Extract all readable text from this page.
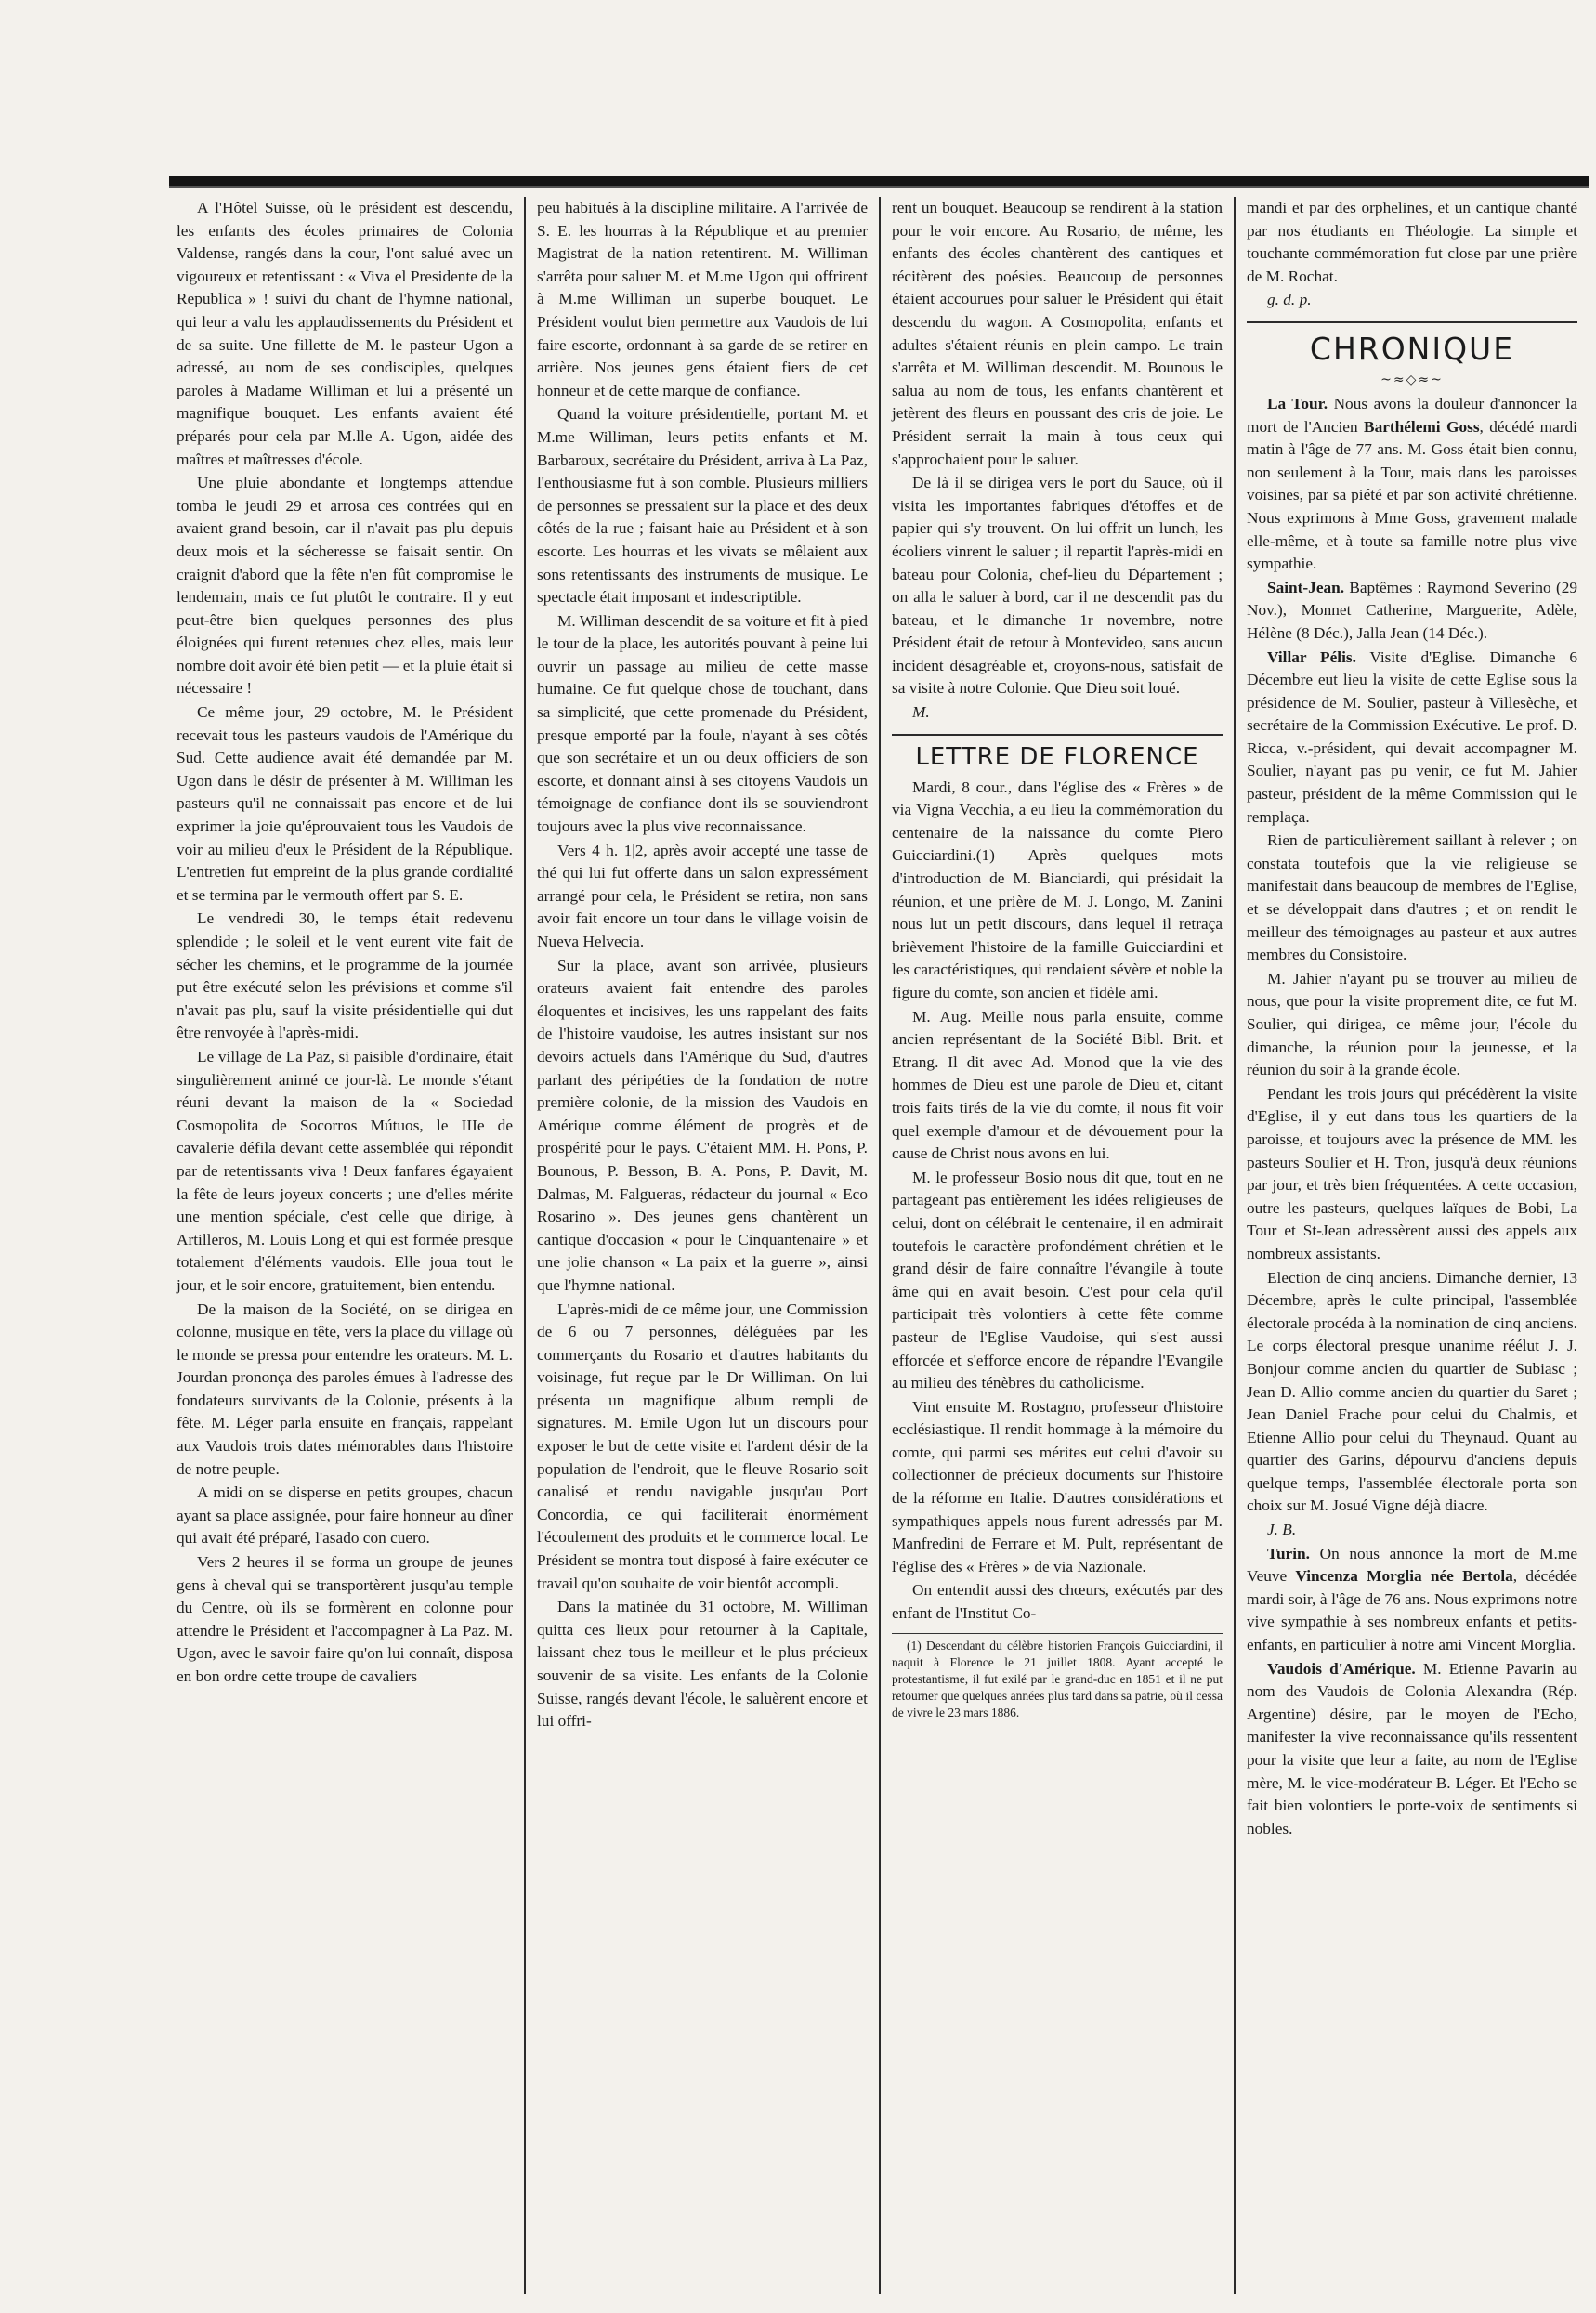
A l'Hôtel Suisse, où le président est descendu, les enfants des écoles primaires de Colonia Valdense, rangés dans la cour, l'ont salué avec un vigoureux et retentissant : « Viva el Presidente de la Republica » ! suivi du chant de l'hymne national, qui leur a valu les applaudissements du Président et de sa suite. Une fillette de M. le pasteur Ugon a adressé, au nom de ses condisciples, quelques paroles à Madame Williman et lui a présenté un magnifique bouquet. Les enfants avaient été préparés pour cela par M.lle A. Ugon, aidée des maîtres et maîtresses d'école.

Une pluie abondante et longtemps attendue tomba le jeudi 29 et arrosa ces contrées qui en avaient grand besoin, car il n'avait pas plu depuis deux mois et la sécheresse se faisait sentir. On craignit d'abord que la fête n'en fût compromise le lendemain, mais ce fut plutôt le contraire. Il y eut peut-être bien quelques personnes des plus éloignées qui furent retenues chez elles, mais leur nombre doit avoir été bien petit — et la pluie était si nécessaire !

Ce même jour, 29 octobre, M. le Président recevait tous les pasteurs vaudois de l'Amérique du Sud. Cette audience avait été demandée par M. Ugon dans le désir de présenter à M. Williman les pasteurs qu'il ne connaissait pas encore et de lui exprimer la joie qu'éprouvaient tous les Vaudois de voir au milieu d'eux le Président de la République. L'entretien fut empreint de la plus grande cordialité et se termina par le vermouth offert par S. E.

Le vendredi 30, le temps était redevenu splendide ; le soleil et le vent eurent vite fait de sécher les chemins, et le programme de la journée put être exécuté selon les prévisions et comme s'il n'avait pas plu, sauf la visite présidentielle qui dut être renvoyée à l'après-midi.

Le village de La Paz, si paisible d'ordinaire, était singulièrement animé ce jour-là. Le monde s'étant réuni devant la maison de la « Sociedad Cosmopolita de Socorros Mútuos, le IIIe de cavalerie défila devant cette assemblée qui répondit par de retentissants viva ! Deux fanfares égayaient la fête de leurs joyeux concerts ; une d'elles mérite une mention spéciale, c'est celle que dirige, à Artilleros, M. Louis Long et qui est formée presque totalement d'éléments vaudois. Elle joua tout le jour, et le soir encore, gratuitement, bien entendu.

De la maison de la Société, on se dirigea en colonne, musique en tête, vers la place du village où le monde se pressa pour entendre les orateurs. M. L. Jourdan prononça des paroles émues à l'adresse des fondateurs survivants de la Colonie, présents à la fête. M. Léger parla ensuite en français, rappelant aux Vaudois trois dates mémorables dans l'histoire de notre peuple.

A midi on se disperse en petits groupes, chacun ayant sa place assignée, pour faire honneur au dîner qui avait été préparé, l'asado con cuero.

Vers 2 heures il se forma un groupe de jeunes gens à cheval qui se transportèrent jusqu'au temple du Centre, où ils se formèrent en colonne pour attendre le Président et l'accompagner à La Paz. M. Ugon, avec le savoir faire qu'on lui connaît, disposa en bon ordre cette troupe de cavaliers

peu habitués à la discipline militaire. A l'arrivée de S. E. les hourras à la République et au premier Magistrat de la nation retentirent. M. Williman s'arrêta pour saluer M. et M.me Ugon qui offrirent à M.me Williman un superbe bouquet. Le Président voulut bien permettre aux Vaudois de lui faire escorte, ordonnant à sa garde de se retirer en arrière. Nos jeunes gens étaient fiers de cet honneur et de cette marque de confiance.

Quand la voiture présidentielle, portant M. et M.me Williman, leurs petits enfants et M. Barbaroux, secrétaire du Président, arriva à La Paz, l'enthousiasme fut à son comble. Plusieurs milliers de personnes se pressaient sur la place et des deux côtés de la rue ; faisant haie au Président et à son escorte. Les hourras et les vivats se mêlaient aux sons retentissants des instruments de musique. Le spectacle était imposant et indescriptible.

M. Williman descendit de sa voiture et fit à pied le tour de la place, les autorités pouvant à peine lui ouvrir un passage au milieu de cette masse humaine. Ce fut quelque chose de touchant, dans sa simplicité, que cette promenade du Président, presque emporté par la foule, n'ayant à ses côtés que son secrétaire et un ou deux officiers de son escorte, et donnant ainsi à ses citoyens Vaudois un témoignage de confiance dont ils se souviendront toujours avec la plus vive reconnaissance.

Vers 4 h. 1|2, après avoir accepté une tasse de thé qui lui fut offerte dans un salon expressément arrangé pour cela, le Président se retira, non sans avoir fait encore un tour dans le village voisin de Nueva Helvecia.

Sur la place, avant son arrivée, plusieurs orateurs avaient fait entendre des paroles éloquentes et incisives, les uns rappelant des faits de l'histoire vaudoise, les autres insistant sur nos devoirs actuels dans l'Amérique du Sud, d'autres parlant des péripéties de la fondation de notre première colonie, de la mission des Vaudois en Amérique comme élément de progrès et de prospérité pour le pays. C'étaient MM. H. Pons, P. Bounous, P. Besson, B. A. Pons, P. Davit, M. Dalmas, M. Falgueras, rédacteur du journal « Eco Rosarino ». Des jeunes gens chantèrent un cantique d'occasion « pour le Cinquantenaire » et une jolie chanson « La paix et la guerre », ainsi que l'hymne national.

L'après-midi de ce même jour, une Commission de 6 ou 7 personnes, déléguées par les commerçants du Rosario et d'autres habitants du voisinage, fut reçue par le Dr Williman. On lui présenta un magnifique album rempli de signatures. M. Emile Ugon lut un discours pour exposer le but de cette visite et l'ardent désir de la population de l'endroit, que le fleuve Rosario soit canalisé et rendu navigable jusqu'au Port Concordia, ce qui faciliterait énormément l'écoulement des produits et le commerce local. Le Président se montra tout disposé à faire exécuter ce travail qu'on souhaite de voir bientôt accompli.

Dans la matinée du 31 octobre, M. Williman quitta ces lieux pour retourner à la Capitale, laissant chez tous le meilleur et le plus précieux souvenir de sa visite. Les enfants de la Colonie Suisse, rangés devant l'école, le saluèrent encore et lui offri-

rent un bouquet. Beaucoup se rendirent à la station pour le voir encore. Au Rosario, de même, les enfants des écoles chantèrent des cantiques et récitèrent des poésies. Beaucoup de personnes étaient accourues pour saluer le Président qui était descendu du wagon. A Cosmopolita, enfants et adultes s'étaient réunis en plein campo. Le train s'arrêta et M. Williman descendit. M. Bounous le salua au nom de tous, les enfants chantèrent et jetèrent des fleurs en poussant des cris de joie. Le Président serrait la main à tous ceux qui s'approchaient pour le saluer.

De là il se dirigea vers le port du Sauce, où il visita les importantes fabriques d'étoffes et de papier qui s'y trouvent. On lui offrit un lunch, les écoliers vinrent le saluer ; il repartit l'après-midi en bateau pour Colonia, chef-lieu du Département ; on alla le saluer à bord, car il ne descendit pas du bateau, et le dimanche 1r novembre, notre Président était de retour à Montevideo, sans aucun incident désagréable et, croyons-nous, satisfait de sa visite à notre Colonie. Que Dieu soit loué.

M.

LETTRE DE FLORENCE

Mardi, 8 cour., dans l'église des « Frères » de via Vigna Vecchia, a eu lieu la commémoration du centenaire de la naissance du comte Piero Guicciardini.(1) Après quelques mots d'introduction de M. Bianciardi, qui présidait la réunion, et une prière de M. J. Longo, M. Zanini nous lut un petit discours, dans lequel il retraça brièvement l'histoire de la famille Guicciardini et les caractéristiques, qui rendaient sévère et noble la figure du comte, son ancien et fidèle ami.

M. Aug. Meille nous parla ensuite, comme ancien représentant de la Société Bibl. Brit. et Etrang. Il dit avec Ad. Monod que la vie des hommes de Dieu est une parole de Dieu et, citant trois faits tirés de la vie du comte, il nous fit voir quel exemple d'amour et de dévouement pour la cause de Christ nous avons en lui.

M. le professeur Bosio nous dit que, tout en ne partageant pas entièrement les idées religieuses de celui, dont on célébrait le centenaire, il en admirait toutefois le caractère profondément chrétien et le grand désir de faire connaître l'évangile à toute âme qui en avait besoin. C'est pour cela qu'il participait très volontiers à cette fête comme pasteur de l'Eglise Vaudoise, qui s'est aussi efforcée et s'efforce encore de répandre l'Evangile au milieu des ténèbres du catholicisme.

Vint ensuite M. Rostagno, professeur d'histoire ecclésiastique. Il rendit hommage à la mémoire du comte, qui parmi ses mérites eut celui d'avoir su collectionner de précieux documents sur l'histoire de la réforme en Italie. D'autres considérations et sympathiques appels nous furent adressés par M. Manfredini de Ferrare et M. Pult, représentant de l'église des « Frères » de via Nazionale.

On entendit aussi des chœurs, exécutés par des enfant de l'Institut Co-

(1) Descendant du célèbre historien François Guicciardini, il naquit à Florence le 21 juillet 1808. Ayant accepté le protestantisme, il fut exilé par le grand-duc en 1851 et il ne put retourner que quelques années plus tard dans sa patrie, où il cessa de vivre le 23 mars 1886.

mandi et par des orphelines, et un cantique chanté par nos étudiants en Théologie. La simple et touchante commémoration fut close par une prière de M. Rochat.

g. d. p.

CHRONIQUE
~≈◇≈~

La Tour. Nous avons la douleur d'annoncer la mort de l'Ancien Barthélemi Goss, décédé mardi matin à l'âge de 77 ans. M. Goss était bien connu, non seulement à la Tour, mais dans les paroisses voisines, par sa piété et par son activité chrétienne. Nous exprimons à Mme Goss, gravement malade elle-même, et à toute sa famille notre plus vive sympathie.

Saint-Jean. Baptêmes : Raymond Severino (29 Nov.), Monnet Catherine, Marguerite, Adèle, Hélène (8 Déc.), Jalla Jean (14 Déc.).

Villar Pélis. Visite d'Eglise. Dimanche 6 Décembre eut lieu la visite de cette Eglise sous la présidence de M. Soulier, pasteur à Villesèche, et secrétaire de la Commission Exécutive. Le prof. D. Ricca, v.-président, qui devait accompagner M. Soulier, n'ayant pas pu venir, ce fut M. Jahier pasteur, président de la même Commission qui le remplaça.

Rien de particulièrement saillant à relever ; on constata toutefois que la vie religieuse se manifestait dans beaucoup de membres de l'Eglise, et se développait dans d'autres ; et on rendit le meilleur des témoignages au pasteur et aux autres membres du Consistoire.

M. Jahier n'ayant pu se trouver au milieu de nous, que pour la visite proprement dite, ce fut M. Soulier, qui dirigea, ce même jour, l'école du dimanche, la réunion pour la jeunesse, et la réunion du soir à la grande école.

Pendant les trois jours qui précédèrent la visite d'Eglise, il y eut dans tous les quartiers de la paroisse, et toujours avec la présence de MM. les pasteurs Soulier et H. Tron, jusqu'à deux réunions par jour, et très bien fréquentées. A cette occasion, outre les pasteurs, quelques laïques de Bobi, La Tour et St-Jean adressèrent aussi des appels aux nombreux assistants.

Election de cinq anciens. Dimanche dernier, 13 Décembre, après le culte principal, l'assemblée électorale procéda à la nomination de cinq anciens. Le corps électoral presque unanime réélut J. J. Bonjour comme ancien du quartier de Subiasc ; Jean D. Allio comme ancien du quartier du Saret ; Jean Daniel Frache pour celui du Chalmis, et Etienne Allio pour celui du Theynaud. Quant au quartier des Garins, dépourvu d'anciens depuis quelque temps, l'assemblée électorale porta son choix sur M. Josué Vigne déjà diacre.

J. B.

Turin. On nous annonce la mort de M.me Veuve Vincenza Morglia née Bertola, décédée mardi soir, à l'âge de 76 ans. Nous exprimons notre vive sympathie à ses nombreux enfants et petits-enfants, en particulier à notre ami Vincent Morglia.

Vaudois d'Amérique. M. Etienne Pavarin au nom des Vaudois de Colonia Alexandra (Rép. Argentine) désire, par le moyen de l'Echo, manifester la vive reconnaissance qu'ils ressentent pour la visite que leur a faite, au nom de l'Eglise mère, M. le vice-modérateur B. Léger. Et l'Echo se fait bien volontiers le porte-voix de sentiments si nobles.
